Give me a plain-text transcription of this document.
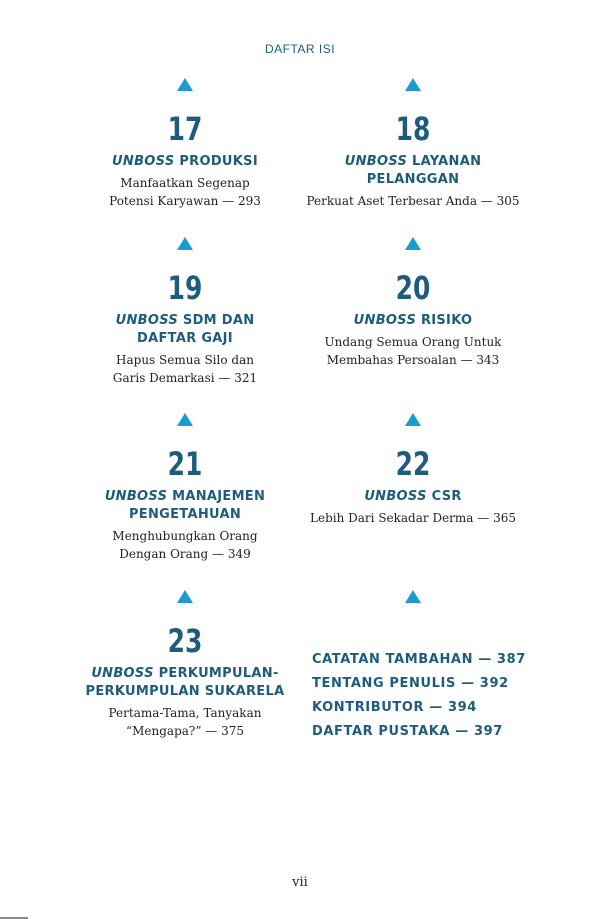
DAFTAR ISI
17
UNBOSS PRODUKSI
Manfaatkan Segenap
Potensi Karyawan — 293
18
UNBOSS LAYANAN
PELANGGAN
Perkuat Aset Terbesar Anda — 305
19
UNBOSS SDM DAN
DAFTAR GAJI
Hapus Semua Silo dan
Garis Demarkasi — 321
20
UNBOSS RISIKO
Undang Semua Orang Untuk
Membahas Persoalan — 343
21
UNBOSS MANAJEMEN
PENGETAHUAN
Menghubungkan Orang
Dengan Orang — 349
22
UNBOSS CSR
Lebih Dari Sekadar Derma — 365
23
UNBOSS PERKUMPULAN-
PERKUMPULAN SUKARELA
Pertama-Tama, Tanyakan
“Mengapa?” — 375
CATATAN TAMBAHAN — 387
TENTANG PENULIS — 392
KONTRIBUTOR — 394
DAFTAR PUSTAKA — 397
vii
